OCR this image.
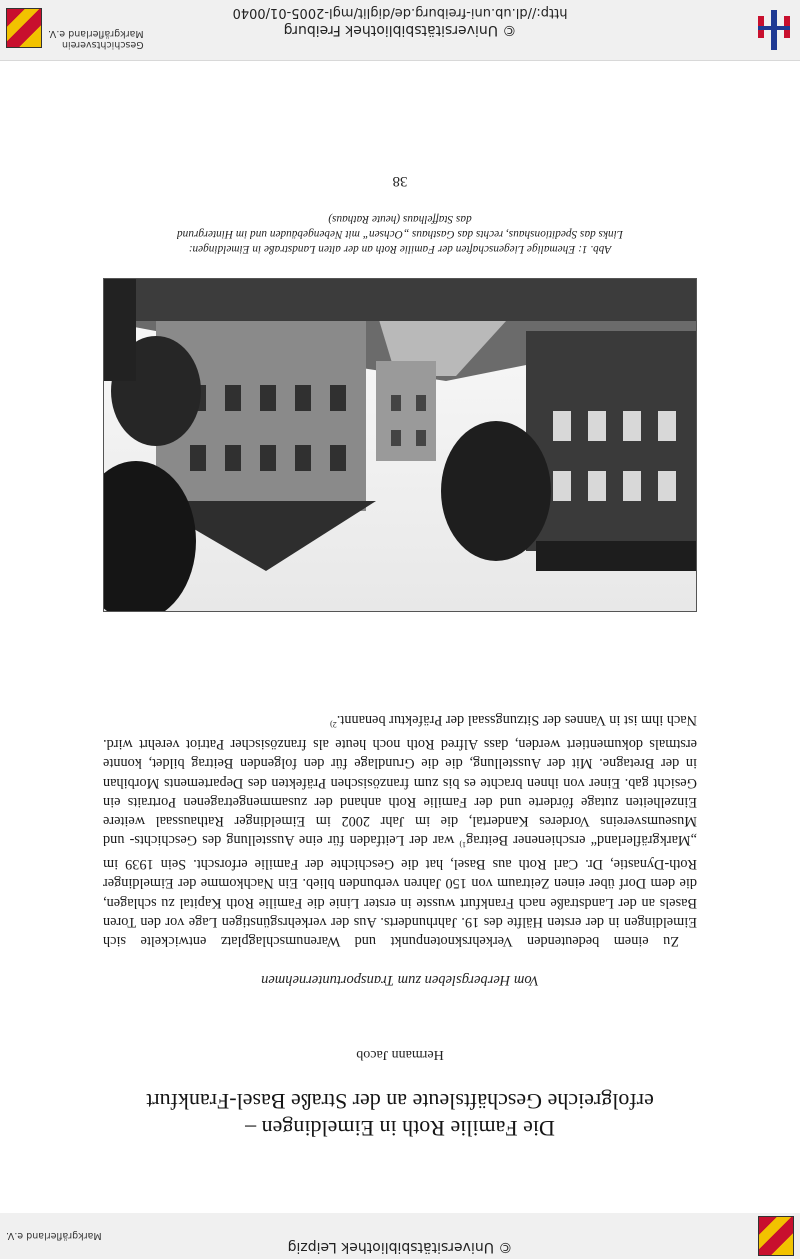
© Universitätsbibliothek Leipzig
Markgräflerland e.V.
Die Familie Roth in Eimeldingen –
erfolgreiche Geschäftsleute an der Straße Basel-Frankfurt
Hermann Jacob
Vom Herbergsleben zum Transportunternehmen
Zu einem bedeutenden Verkehrsknotenpunkt und Warenumschlagplatz entwickelte sich Eimeldingen in der ersten Hälfte des 19. Jahrhunderts. Aus der verkehrsgünstigen Lage vor den Toren Basels an der Landstraße nach Frankfurt wusste in erster Linie die Familie Roth Kapital zu schlagen, die dem Dorf über einen Zeitraum von 150 Jahren verbunden blieb. Ein Nachkomme der Eimeldinger Roth-Dynastie, Dr. Carl Roth aus Basel, hat die Geschichte der Familie erforscht. Sein 1939 im „Markgräflerland“ erschienener Beitrag$^{1)}$ war der Leitfaden für eine Ausstellung des Geschichts- und Museumsvereins Vorderes Kandertal, die im Jahr 2002 im Eimeldinger Rathaussaal weitere Einzelheiten zutage förderte und der Familie Roth anhand der zusammengetragenen Portraits ein Gesicht gab. Einer von ihnen brachte es bis zum französischen Präfekten des Departements Morbihan in der Bretagne. Mit der Ausstellung, die die Grundlage für den folgenden Beitrag bildet, konnte erstmals dokumentiert werden, dass Alfred Roth noch heute als französischer Patriot verehrt wird. Nach ihm ist in Vannes der Sitzungssaal der Präfektur benannt.$^{2)}$
Abb. 1: Ehemalige Liegenschaften der Familie Roth an der alten Landstraße in Eimeldingen:
Links das Speditionshaus, rechts das Gasthaus „Ochsen“ mit Nebengebäuden und im Hintergrund
das Staffelhaus (heute Rathaus)
38
© Universitätsbibliothek Freiburg
http://dl.ub.uni-freiburg.de/diglit/mgl-2005-01/0040
Geschichtsverein
Markgräflerland e.V.
